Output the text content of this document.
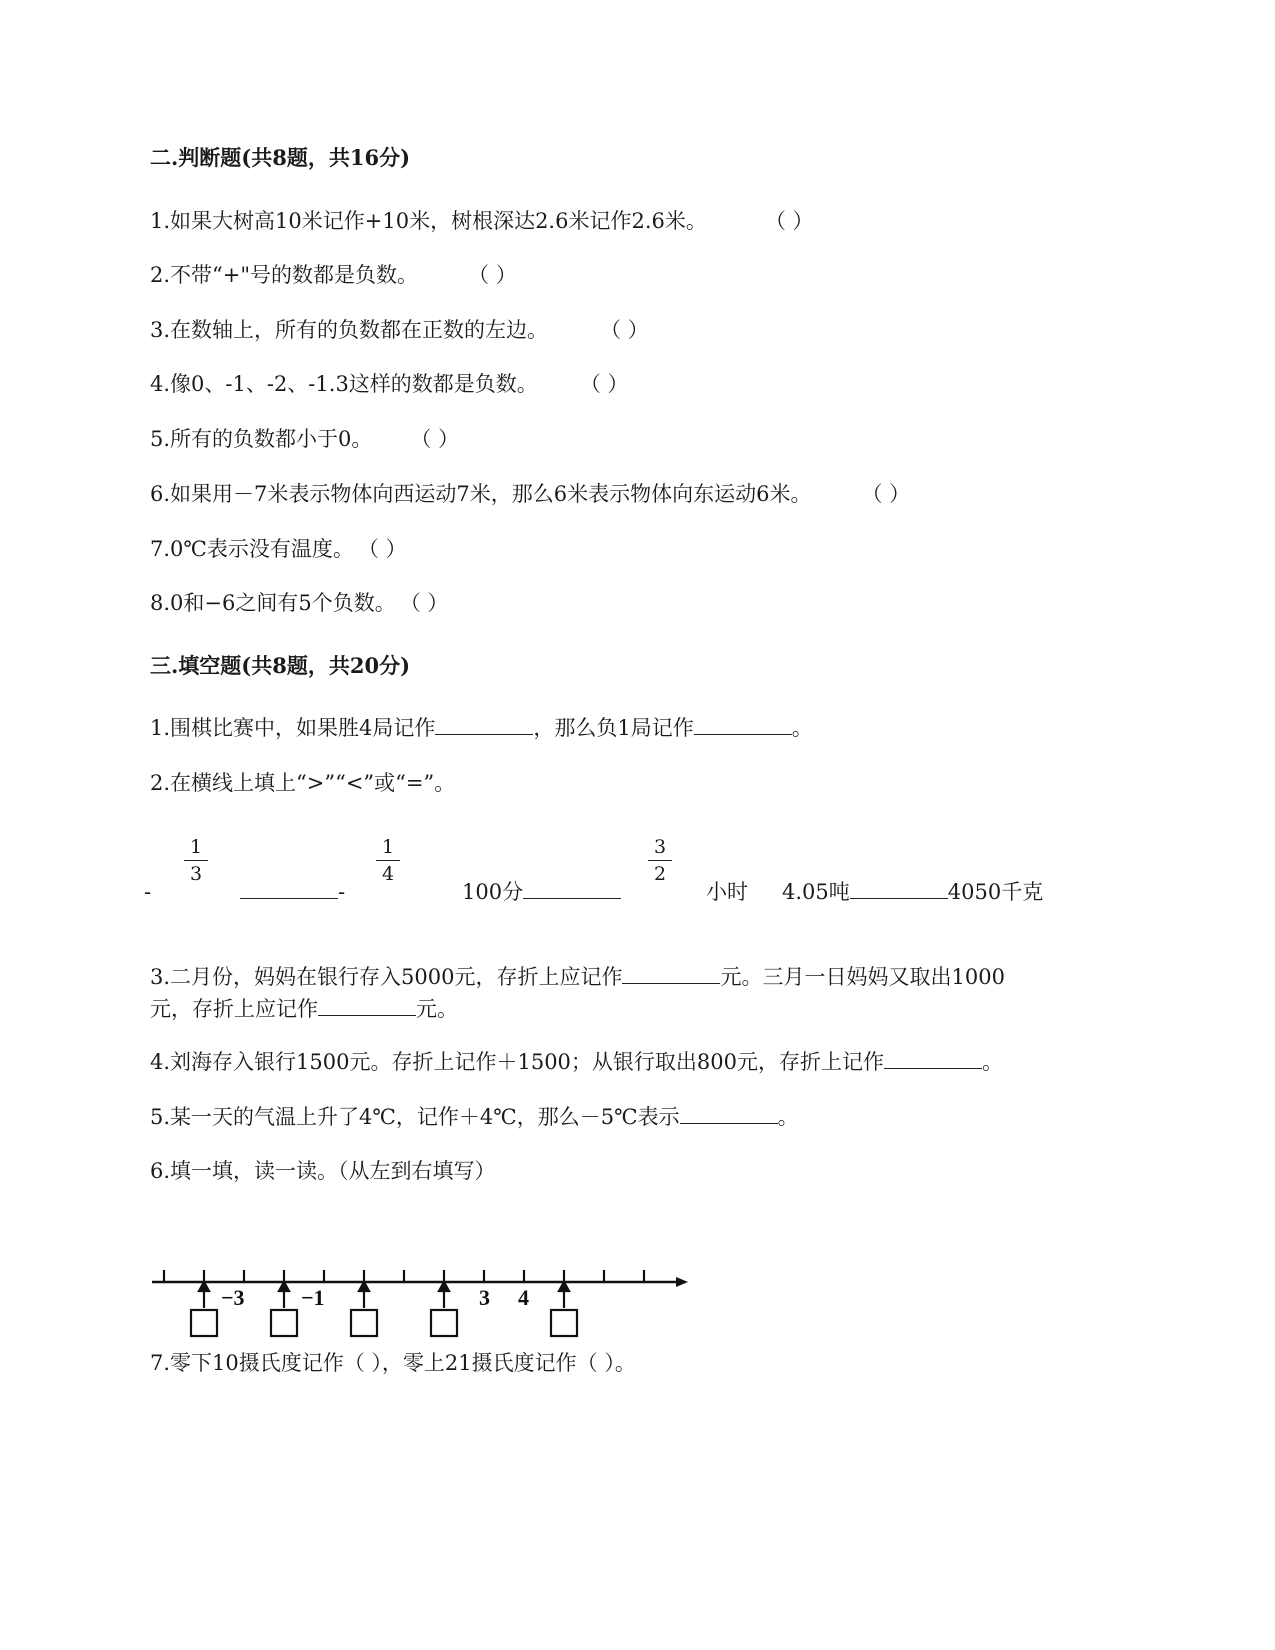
二.判断题(共8题，共16分)
1.如果大树高10米记作+10米，树根深达2.6米记作2.6米。	（ ）
2.不带“+"号的数都是负数。 （ ）
3.在数轴上，所有的负数都在正数的左边。 （ ）
4.像0、-1、-2、-1.3这样的数都是负数。 （ ）
5.所有的负数都小于0。 （ ）
6.如果用－7米表示物体向西运动7米，那么6米表示物体向东运动6米。 （ ）
7.0℃表示没有温度。 （ ）
8.0和−6之间有5个负数。 （ ）
三.填空题(共8题，共20分)
1.围棋比赛中，如果胜4局记作	，那么负1局记作	。
2.在横线上填上“>”“<”或“=”。
-
1
3
-
1
4
100分
3
2
小时 4.05吨	4050千克
3.二月份，妈妈在银行存入5000元，存折上应记作	元。三月一日妈妈又取出1000
元，存折上应记作	元。
4.刘海存入银行1500元。存折上记作＋1500；从银行取出800元，存折上记作	。
5.某一天的气温上升了4℃，记作＋4℃，那么－5℃表示	。
6.填一填，读一读。（从左到右填写）
−3	−1	3 4
7.零下10摄氏度记作（ ），零上21摄氏度记作（ ）。
